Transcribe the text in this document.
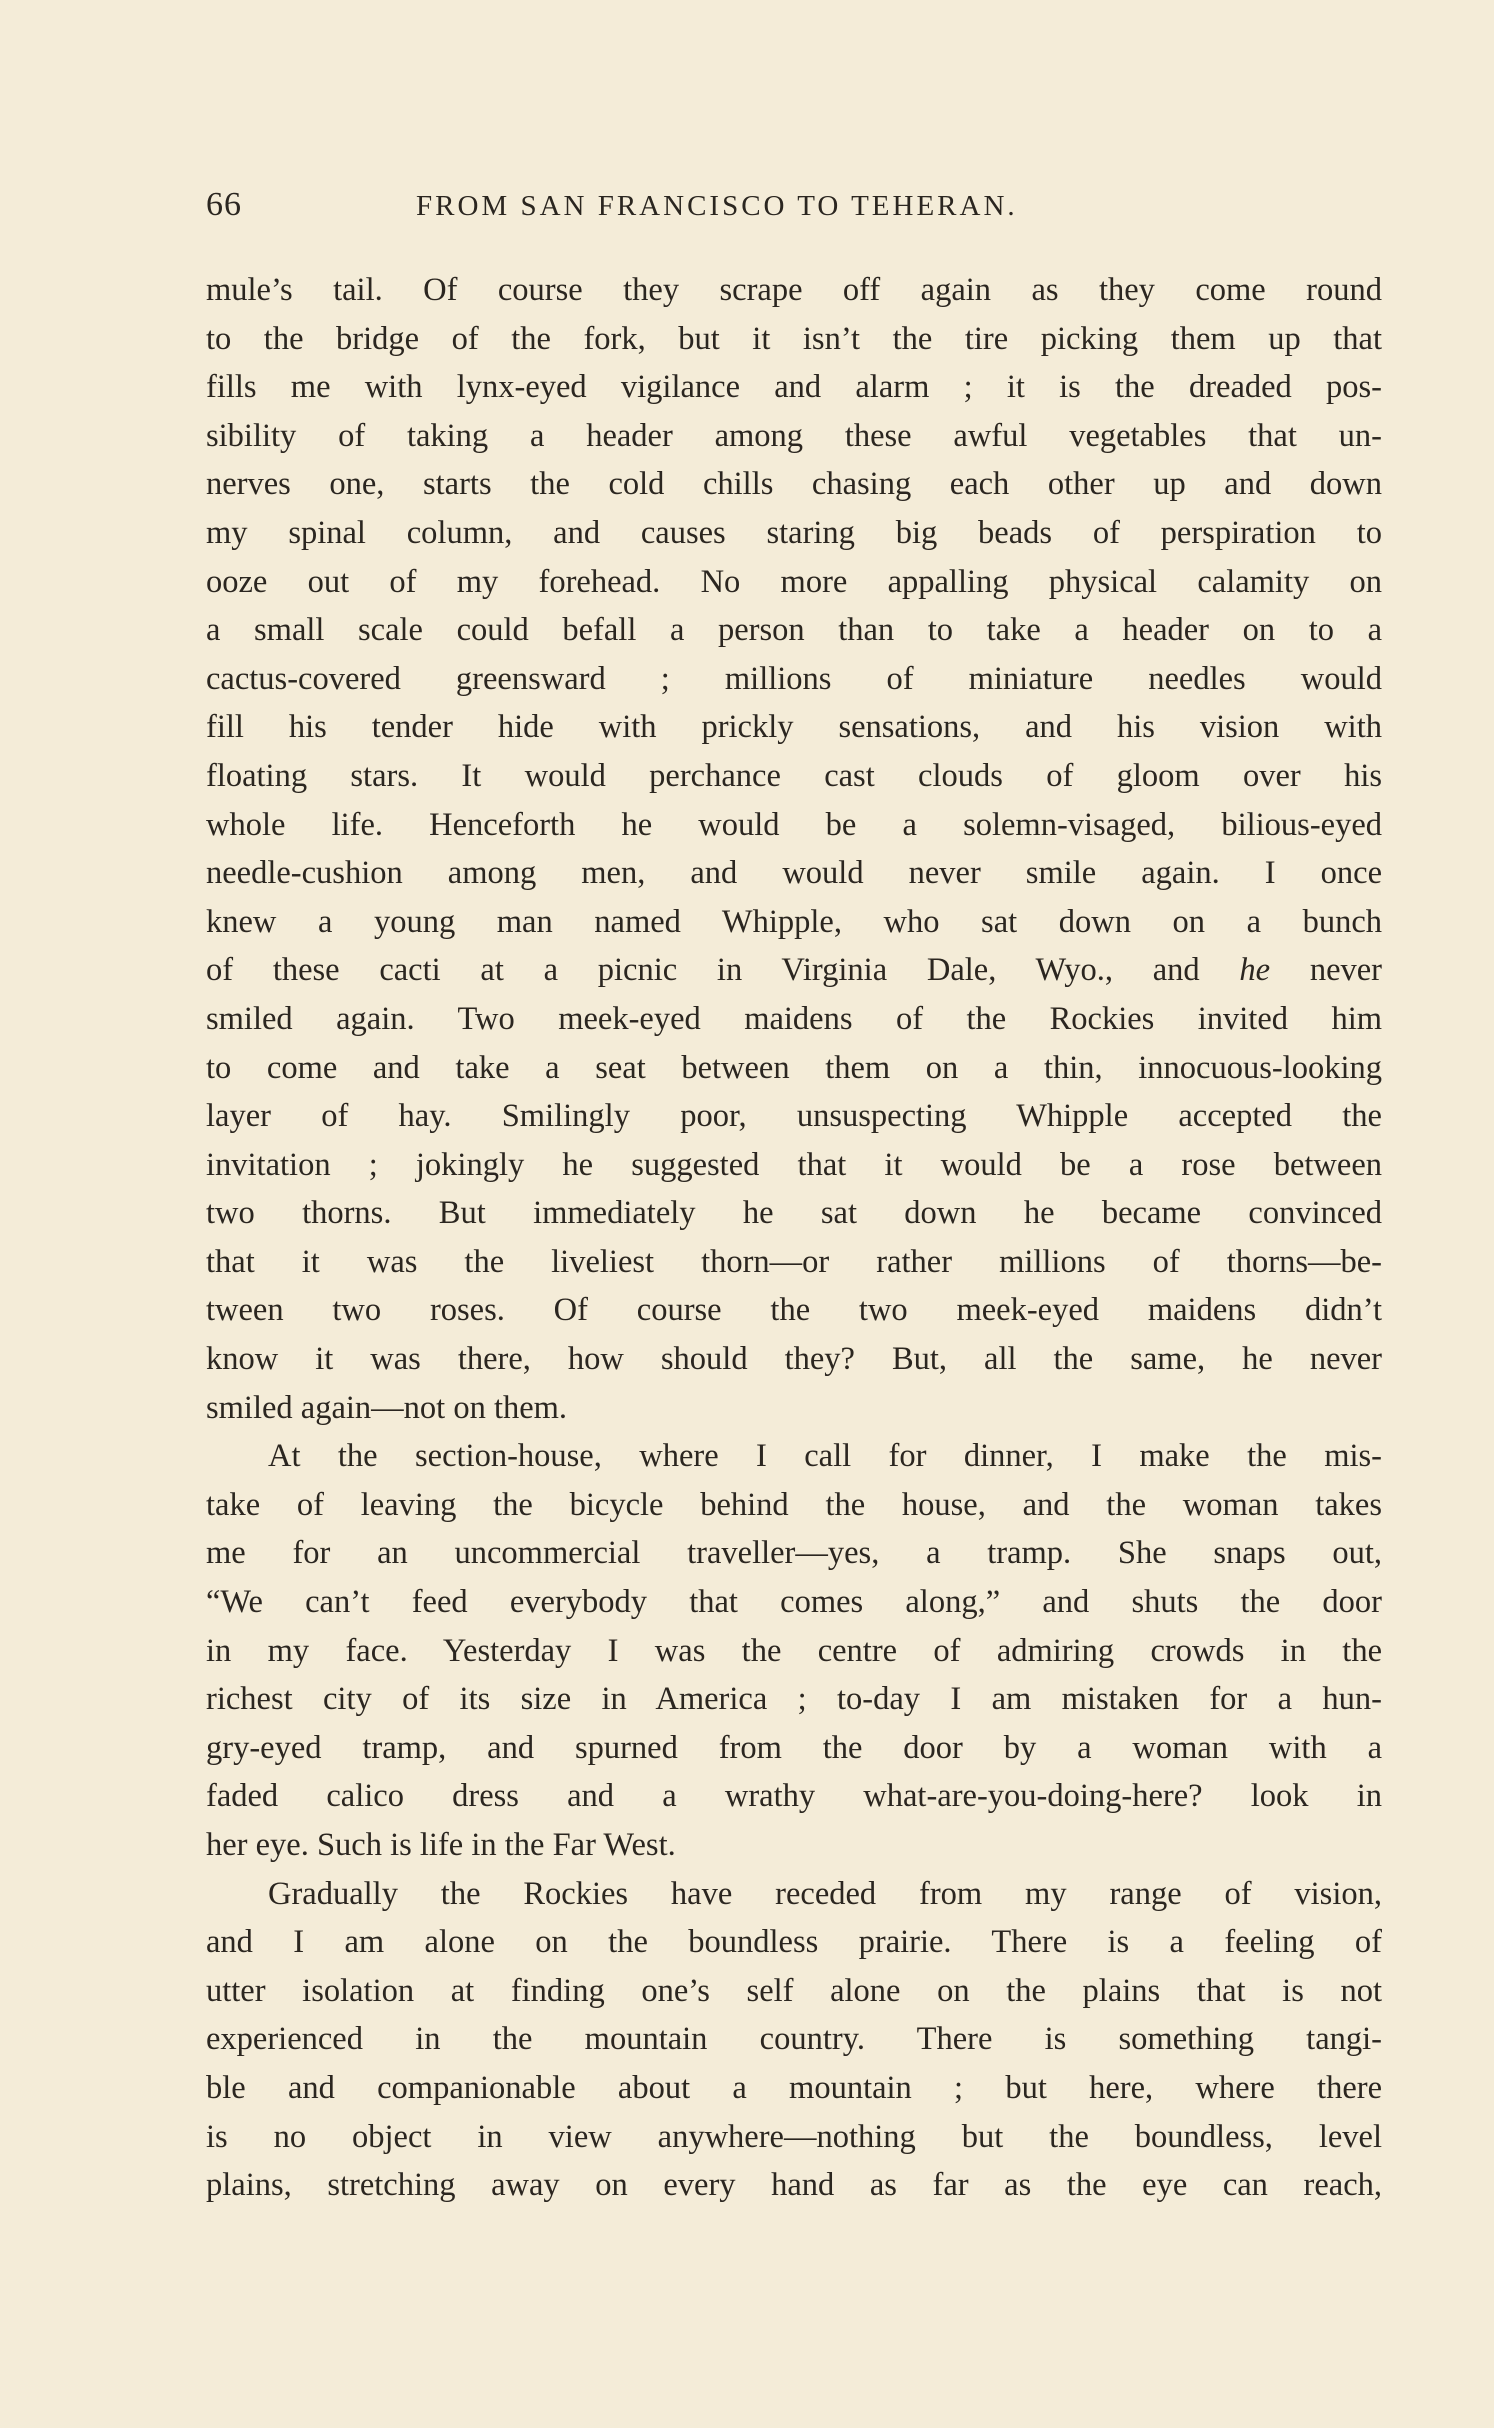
66	FROM SAN FRANCISCO TO TEHERAN.
mule’s tail. Of course they scrape off again as they come round
to the bridge of the fork, but it isn’t the tire picking them up that
fills me with lynx-eyed vigilance and alarm ; it is the dreaded pos-
sibility of taking a header among these awful vegetables that un-
nerves one, starts the cold chills chasing each other up and down
my spinal column, and causes staring big beads of perspiration to
ooze out of my forehead. No more appalling physical calamity on
a small scale could befall a person than to take a header on to a
cactus-covered greensward ; millions of miniature needles would
fill his tender hide with prickly sensations, and his vision with
floating stars. It would perchance cast clouds of gloom over his
whole life. Henceforth he would be a solemn-visaged, bilious-eyed
needle-cushion among men, and would never smile again. I once
knew a young man named Whipple, who sat down on a bunch
of these cacti at a picnic in Virginia Dale, Wyo., and he never
smiled again. Two meek-eyed maidens of the Rockies invited him
to come and take a seat between them on a thin, innocuous-looking
layer of hay. Smilingly poor, unsuspecting Whipple accepted the
invitation ; jokingly he suggested that it would be a rose between
two thorns. But immediately he sat down he became convinced
that it was the liveliest thorn—or rather millions of thorns—be-
tween two roses. Of course the two meek-eyed maidens didn’t
know it was there, how should they? But, all the same, he never
smiled again—not on them.
At the section-house, where I call for dinner, I make the mis-
take of leaving the bicycle behind the house, and the woman takes
me for an uncommercial traveller—yes, a tramp. She snaps out,
“We can’t feed everybody that comes along,” and shuts the door
in my face. Yesterday I was the centre of admiring crowds in the
richest city of its size in America ; to-day I am mistaken for a hun-
gry-eyed tramp, and spurned from the door by a woman with a
faded calico dress and a wrathy what-are-you-doing-here? look in
her eye. Such is life in the Far West.
Gradually the Rockies have receded from my range of vision,
and I am alone on the boundless prairie. There is a feeling of
utter isolation at finding one’s self alone on the plains that is not
experienced in the mountain country. There is something tangi-
ble and companionable about a mountain ; but here, where there
is no object in view anywhere—nothing but the boundless, level
plains, stretching away on every hand as far as the eye can reach,
